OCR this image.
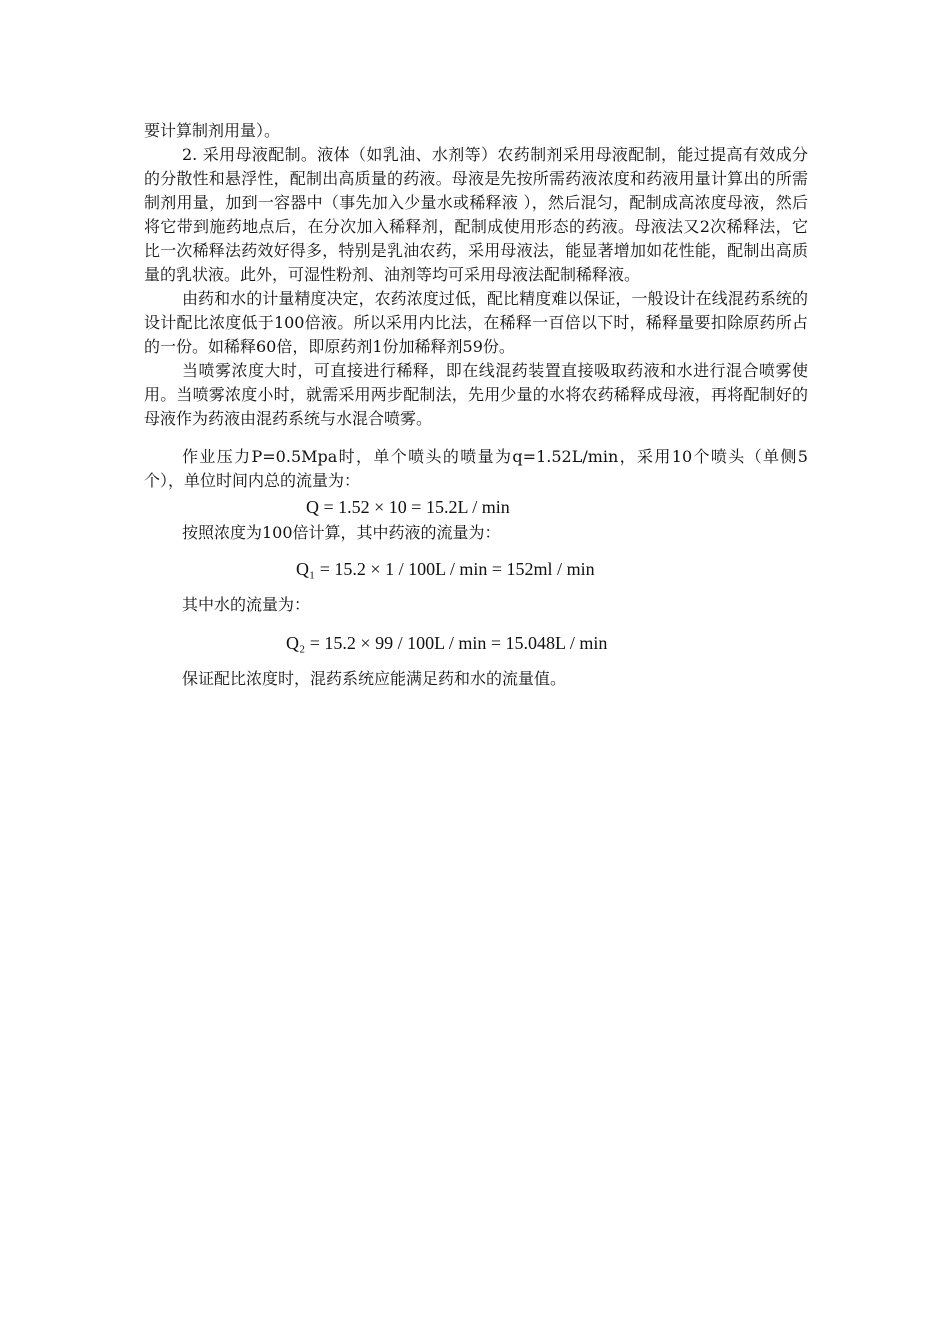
要计算制剂用量）。

2. 采用母液配制。液体（如乳油、水剂等）农药制剂采用母液配制，能过提高有效成分的分散性和悬浮性，配制出高质量的药液。母液是先按所需药液浓度和药液用量计算出的所需制剂用量，加到一容器中（事先加入少量水或稀释液 ），然后混匀，配制成高浓度母液，然后将它带到施药地点后，在分次加入稀释剂，配制成使用形态的药液。母液法又2次稀释法，它比一次稀释法药效好得多，特别是乳油农药，采用母液法，能显著增加如花性能，配制出高质量的乳状液。此外，可湿性粉剂、油剂等均可采用母液法配制稀释液。

由药和水的计量精度决定，农药浓度过低，配比精度难以保证，一般设计在线混药系统的设计配比浓度低于100倍液。所以采用内比法，在稀释一百倍以下时，稀释量要扣除原药所占的一份。如稀释60倍，即原药剂1份加稀释剂59份。

当喷雾浓度大时，可直接进行稀释，即在线混药装置直接吸取药液和水进行混合喷雾使用。当喷雾浓度小时，就需采用两步配制法，先用少量的水将农药稀释成母液，再将配制好的母液作为药液由混药系统与水混合喷雾。

作业压力P=0.5Mpa时，单个喷头的喷量为q=1.52L/min，采用10个喷头（单侧5个），单位时间内总的流量为：

Q = 1.52 × 10 = 15.2L / min

按照浓度为100倍计算，其中药液的流量为：

Q₁ = 15.2 × 1 / 100L / min = 152ml / min

其中水的流量为：

Q₂ = 15.2 × 99 / 100L / min = 15.048L / min

保证配比浓度时，混药系统应能满足药和水的流量值。
